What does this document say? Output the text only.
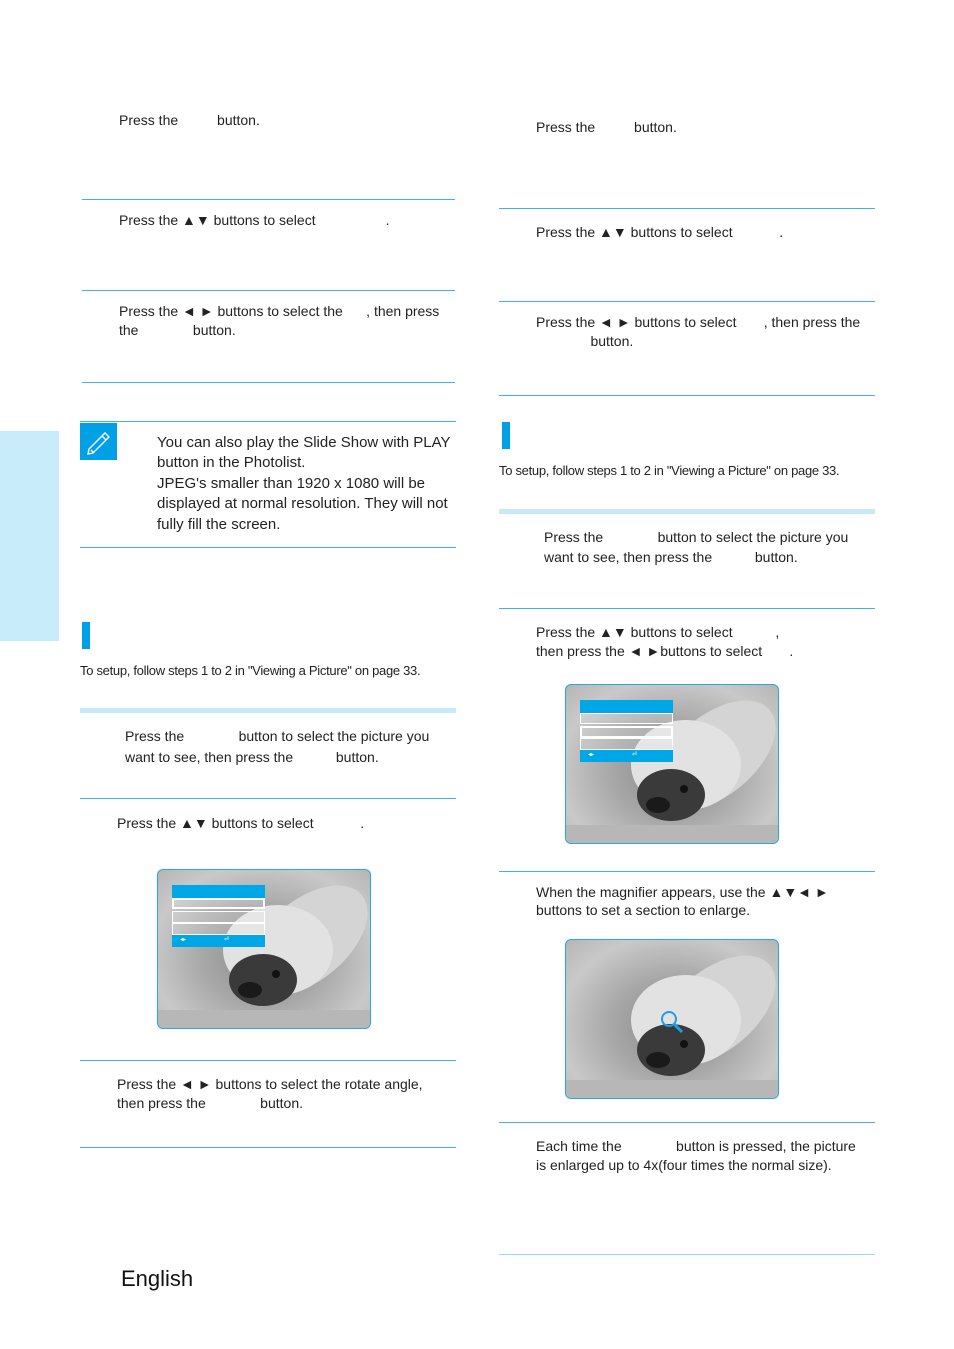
Press the          button.
Press the ▲▼ buttons to select                  .
Press the ◄ ► buttons to select the      , then press
the              button.
You can also play the Slide Show with PLAY
button in the Photolist.
JPEG's smaller than 1920 x 1080 will be
displayed at normal resolution. They will not
fully fill the screen.
To setup, follow steps 1 to 2 in "Viewing a Picture" on page 33.
Press the              button to select the picture you
want to see, then press the           button.
Press the ▲▼ buttons to select            .
◂▸	⏎
Press the ◄ ► buttons to select the rotate angle,
then press the              button.
Press the          button.
Press the ▲▼ buttons to select            .
Press the ◄ ► buttons to select       , then press the
button.
To setup, follow steps 1 to 2 in "Viewing a Picture" on page 33.
Press the              button to select the picture you
want to see, then press the           button.
Press the ▲▼ buttons to select           ,
then press the ◄ ►buttons to select       .
◂▸	⏎
When the magnifier appears, use the ▲▼◄ ►
buttons to set a section to enlarge.
Each time the              button is pressed, the picture
is enlarged up to 4x(four times the normal size).
English
